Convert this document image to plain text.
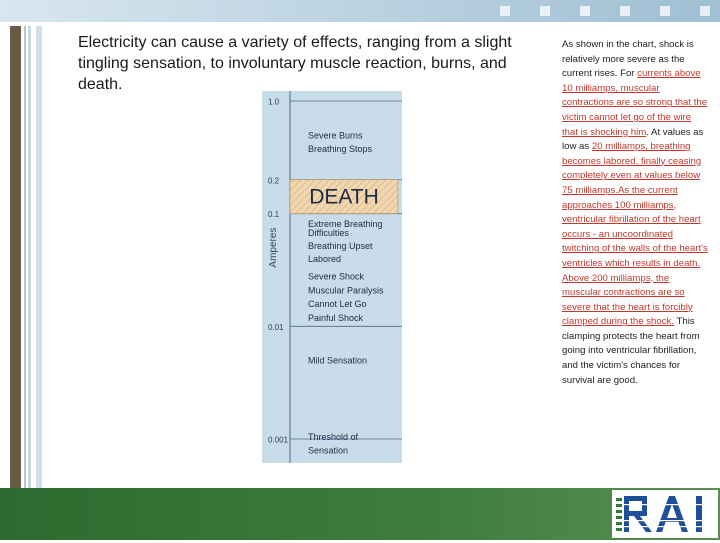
Electricity can cause a variety of effects, ranging from a slight tingling sensation, to involuntary muscle reaction, burns, and death.

DEATH
1.0
0.2
0.1
0.01
0.001
Severe Burns
Breathing Stops
Extreme Breathing
Difficulties
Breathing Upset
Labored
Severe Shock
Muscular Paralysis
Cannot Let Go
Painful Shock
Mild Sensation
Threshold of
Sensation
Amperes

As shown in the chart, shock is relatively more severe as the current rises. For currents above 10 milliamps, muscular contractions are so strong that the victim cannot let go of the wire that is shocking him. At values as low as 20 milliamps, breathing becomes labored, finally ceasing completely even at values below 75 milliamps.As the current approaches 100 milliamps, ventricular fibrillation of the heart occurs - an uncoordinated twitching of the walls of the heart's ventricles which results in death. Above 200 milliamps, the muscular contractions are so severe that the heart is forcibly clamped during the shock. This clamping protects the heart from going into ventricular fibrillation, and the victim's chances for survival are good.

RA
